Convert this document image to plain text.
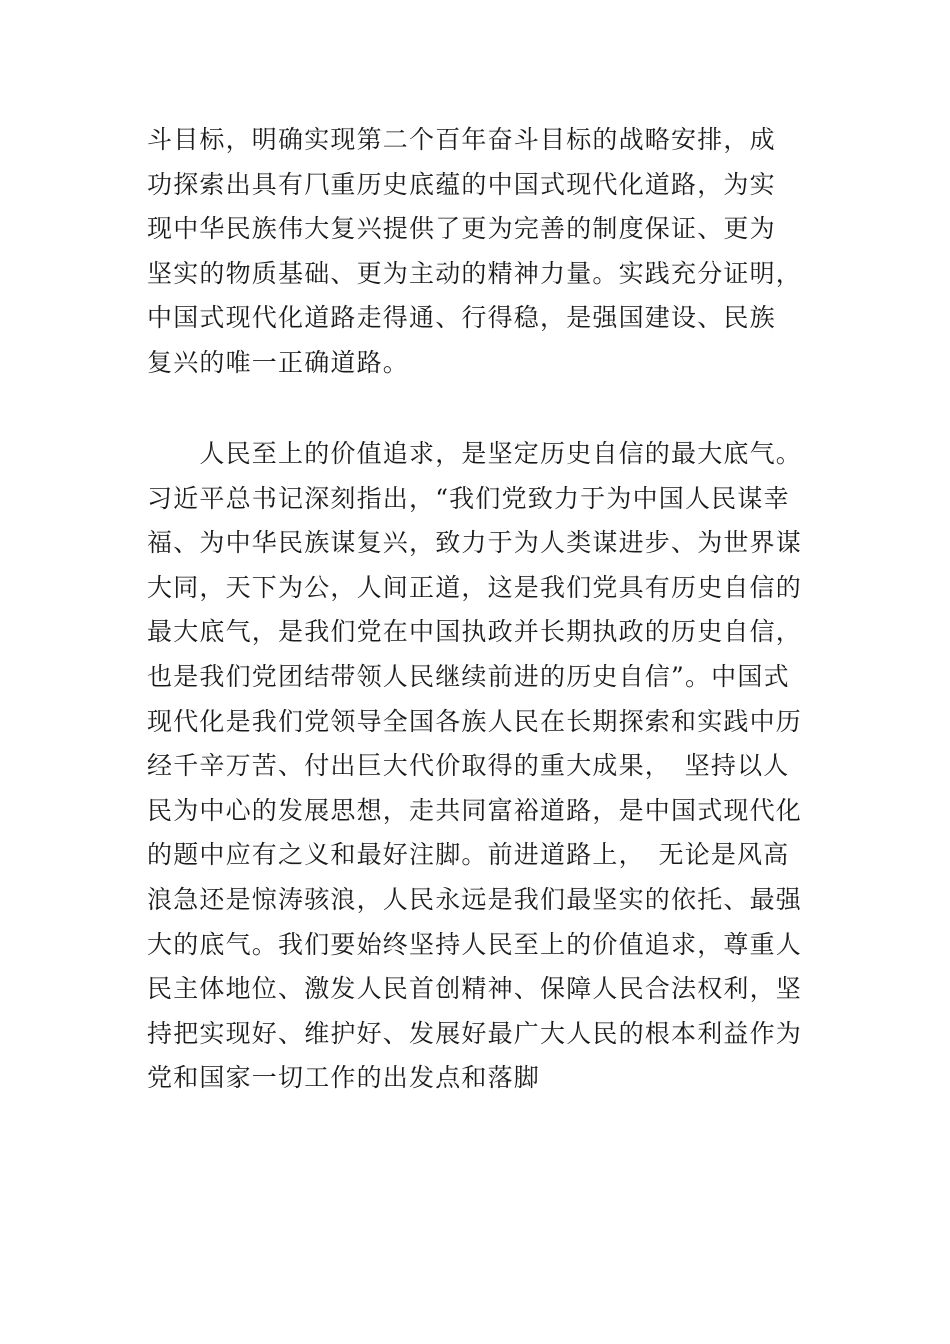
斗目标，明确实现第二个百年奋斗目标的战略安排，成
功探索出具有⺇重历史底蕴的中国式现代化道路，为实
现中华民族伟大复兴提供了更为完善的制度保证、更为
坚实的物质基础、更为主动的精神力量。实践充分证明，
中国式现代化道路走得通、行得稳，是强国建设、民族
复兴的唯一正确道路。
　　人民至上的价值追求，是坚定历史自信的最大底气。
习近平总书记深刻指出，“我们党致力于为中国人民谋幸
福、为中华民族谋复兴，致力于为人类谋进步、为世界谋
大同，天下为公，人间正道，这是我们党具有历史自信的
最大底气，是我们党在中国执政并长期执政的历史自信，
也是我们党团结带领人民继续前进的历史自信”。中国式
现代化是我们党领导全国各族人民在长期探索和实践中历
经千辛万苦、付出巨大代价取得的重大成果，　坚持以人
民为中心的发展思想，走共同富裕道路，是中国式现代化
的题中应有之义和最好注脚。前进道路上，　无论是风高
浪急还是惊涛骇浪，人民永远是我们最坚实的依托、最强
大的底气。我们要始终坚持人民至上的价值追求，尊重人
民主体地位、激发人民首创精神、保障人民合法权利，坚
持把实现好、维护好、发展好最广大人民的根本利益作为
党和国家一切工作的出发点和落脚
